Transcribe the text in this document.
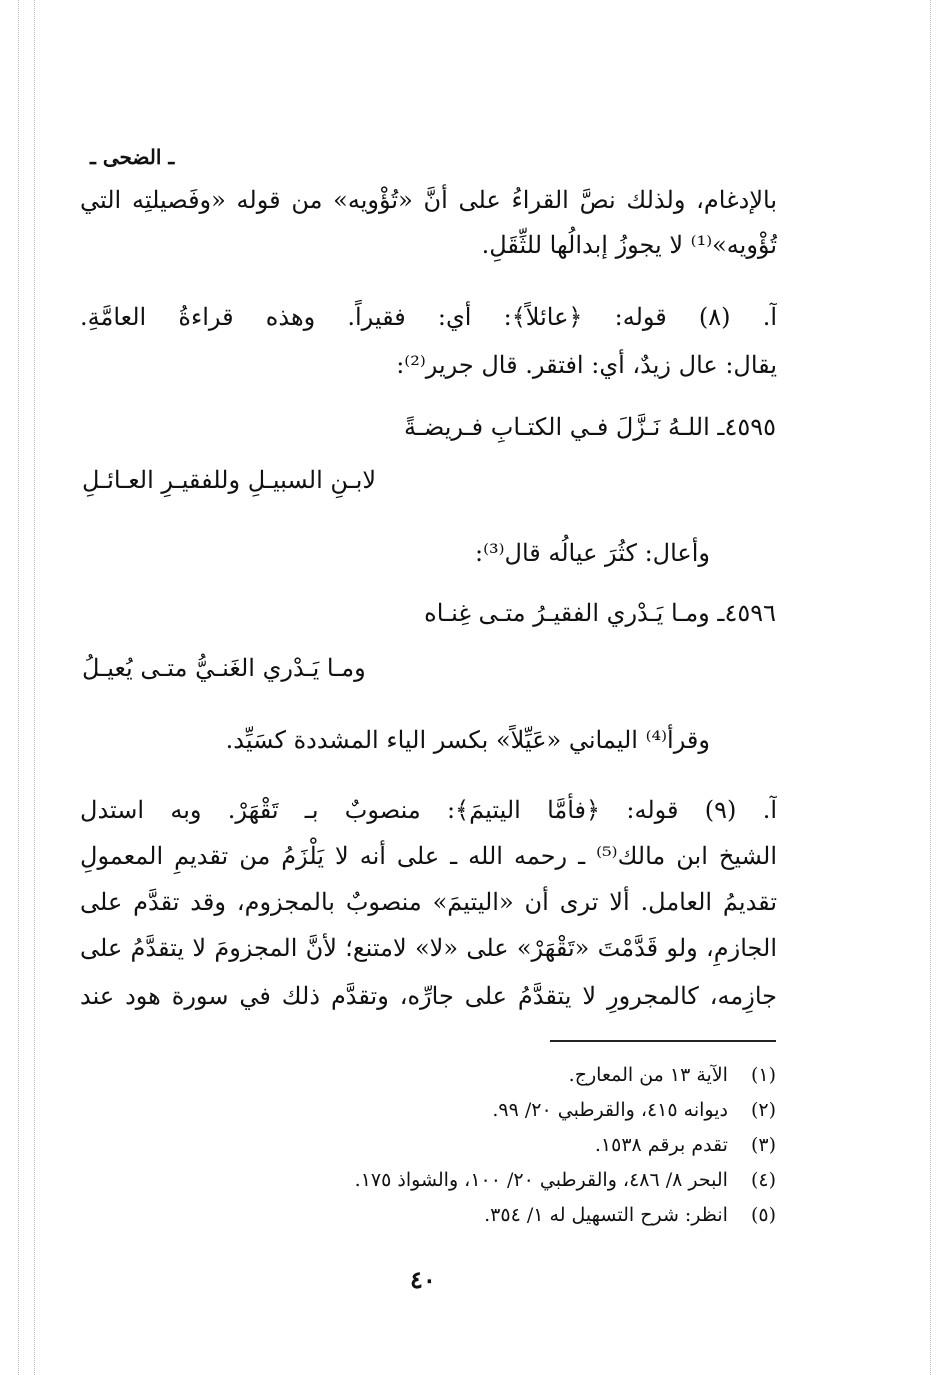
ـ الضحى ـ
بالإدغام، ولذلك نصَّ القراءُ على أنَّ «تُؤْويه» من قوله «وفَصيلتِه التي
تُؤْويه»⁽¹⁾ لا يجوزُ إبدالُها للثِّقَلِ.
آ. (٨) قوله: ﴿عائلاً﴾: أي: فقيراً. وهذه قراءةُ العامَّةِ.
يقال: عال زيدٌ، أي: افتقر. قال جرير⁽²⁾:
٤٥٩٥ـ اللـهُ نَـزَّلَ فـي الكتـابِ فـريضـةً
لابـنِ السبيـلِ وللفقيـرِ العـائـلِ
وأعال: كثُرَ عيالُه قال⁽³⁾:
٤٥٩٦ـ ومـا يَـدْري الفقيـرُ متـى غِنـاه
ومـا يَـدْري الغَنـيُّ متـى يُعيـلُ
وقرأ⁽⁴⁾ اليماني «عَيِّلاً» بكسر الياء المشددة كسَيِّد.
آ. (٩) قوله: ﴿فأمَّا اليتيمَ﴾: منصوبٌ بـ تَقْهَرْ. وبه استدل
الشيخ ابن مالك⁽⁵⁾ ـ رحمه الله ـ على أنه لا يَلْزَمُ من تقديمِ المعمولِ
تقديمُ العامل. ألا ترى أن «اليتيمَ» منصوبٌ بالمجزوم، وقد تقدَّم على
الجازمِ، ولو قَدَّمْتَ «تَقْهَرْ» على «لا» لامتنع؛ لأنَّ المجزومَ لا يتقدَّمُ على
جازِمه، كالمجرورِ لا يتقدَّمُ على جارِّه، وتقدَّم ذلك في سورة هود عند
(١) الآية ١٣ من المعارج.
(٢) ديوانه ٤١٥، والقرطبي ٢٠/ ٩٩.
(٣) تقدم برقم ١٥٣٨.
(٤) البحر ٨/ ٤٨٦، والقرطبي ٢٠/ ١٠٠، والشواذ ١٧٥.
(٥) انظر: شرح التسهيل له ١/ ٣٥٤.
٤٠
